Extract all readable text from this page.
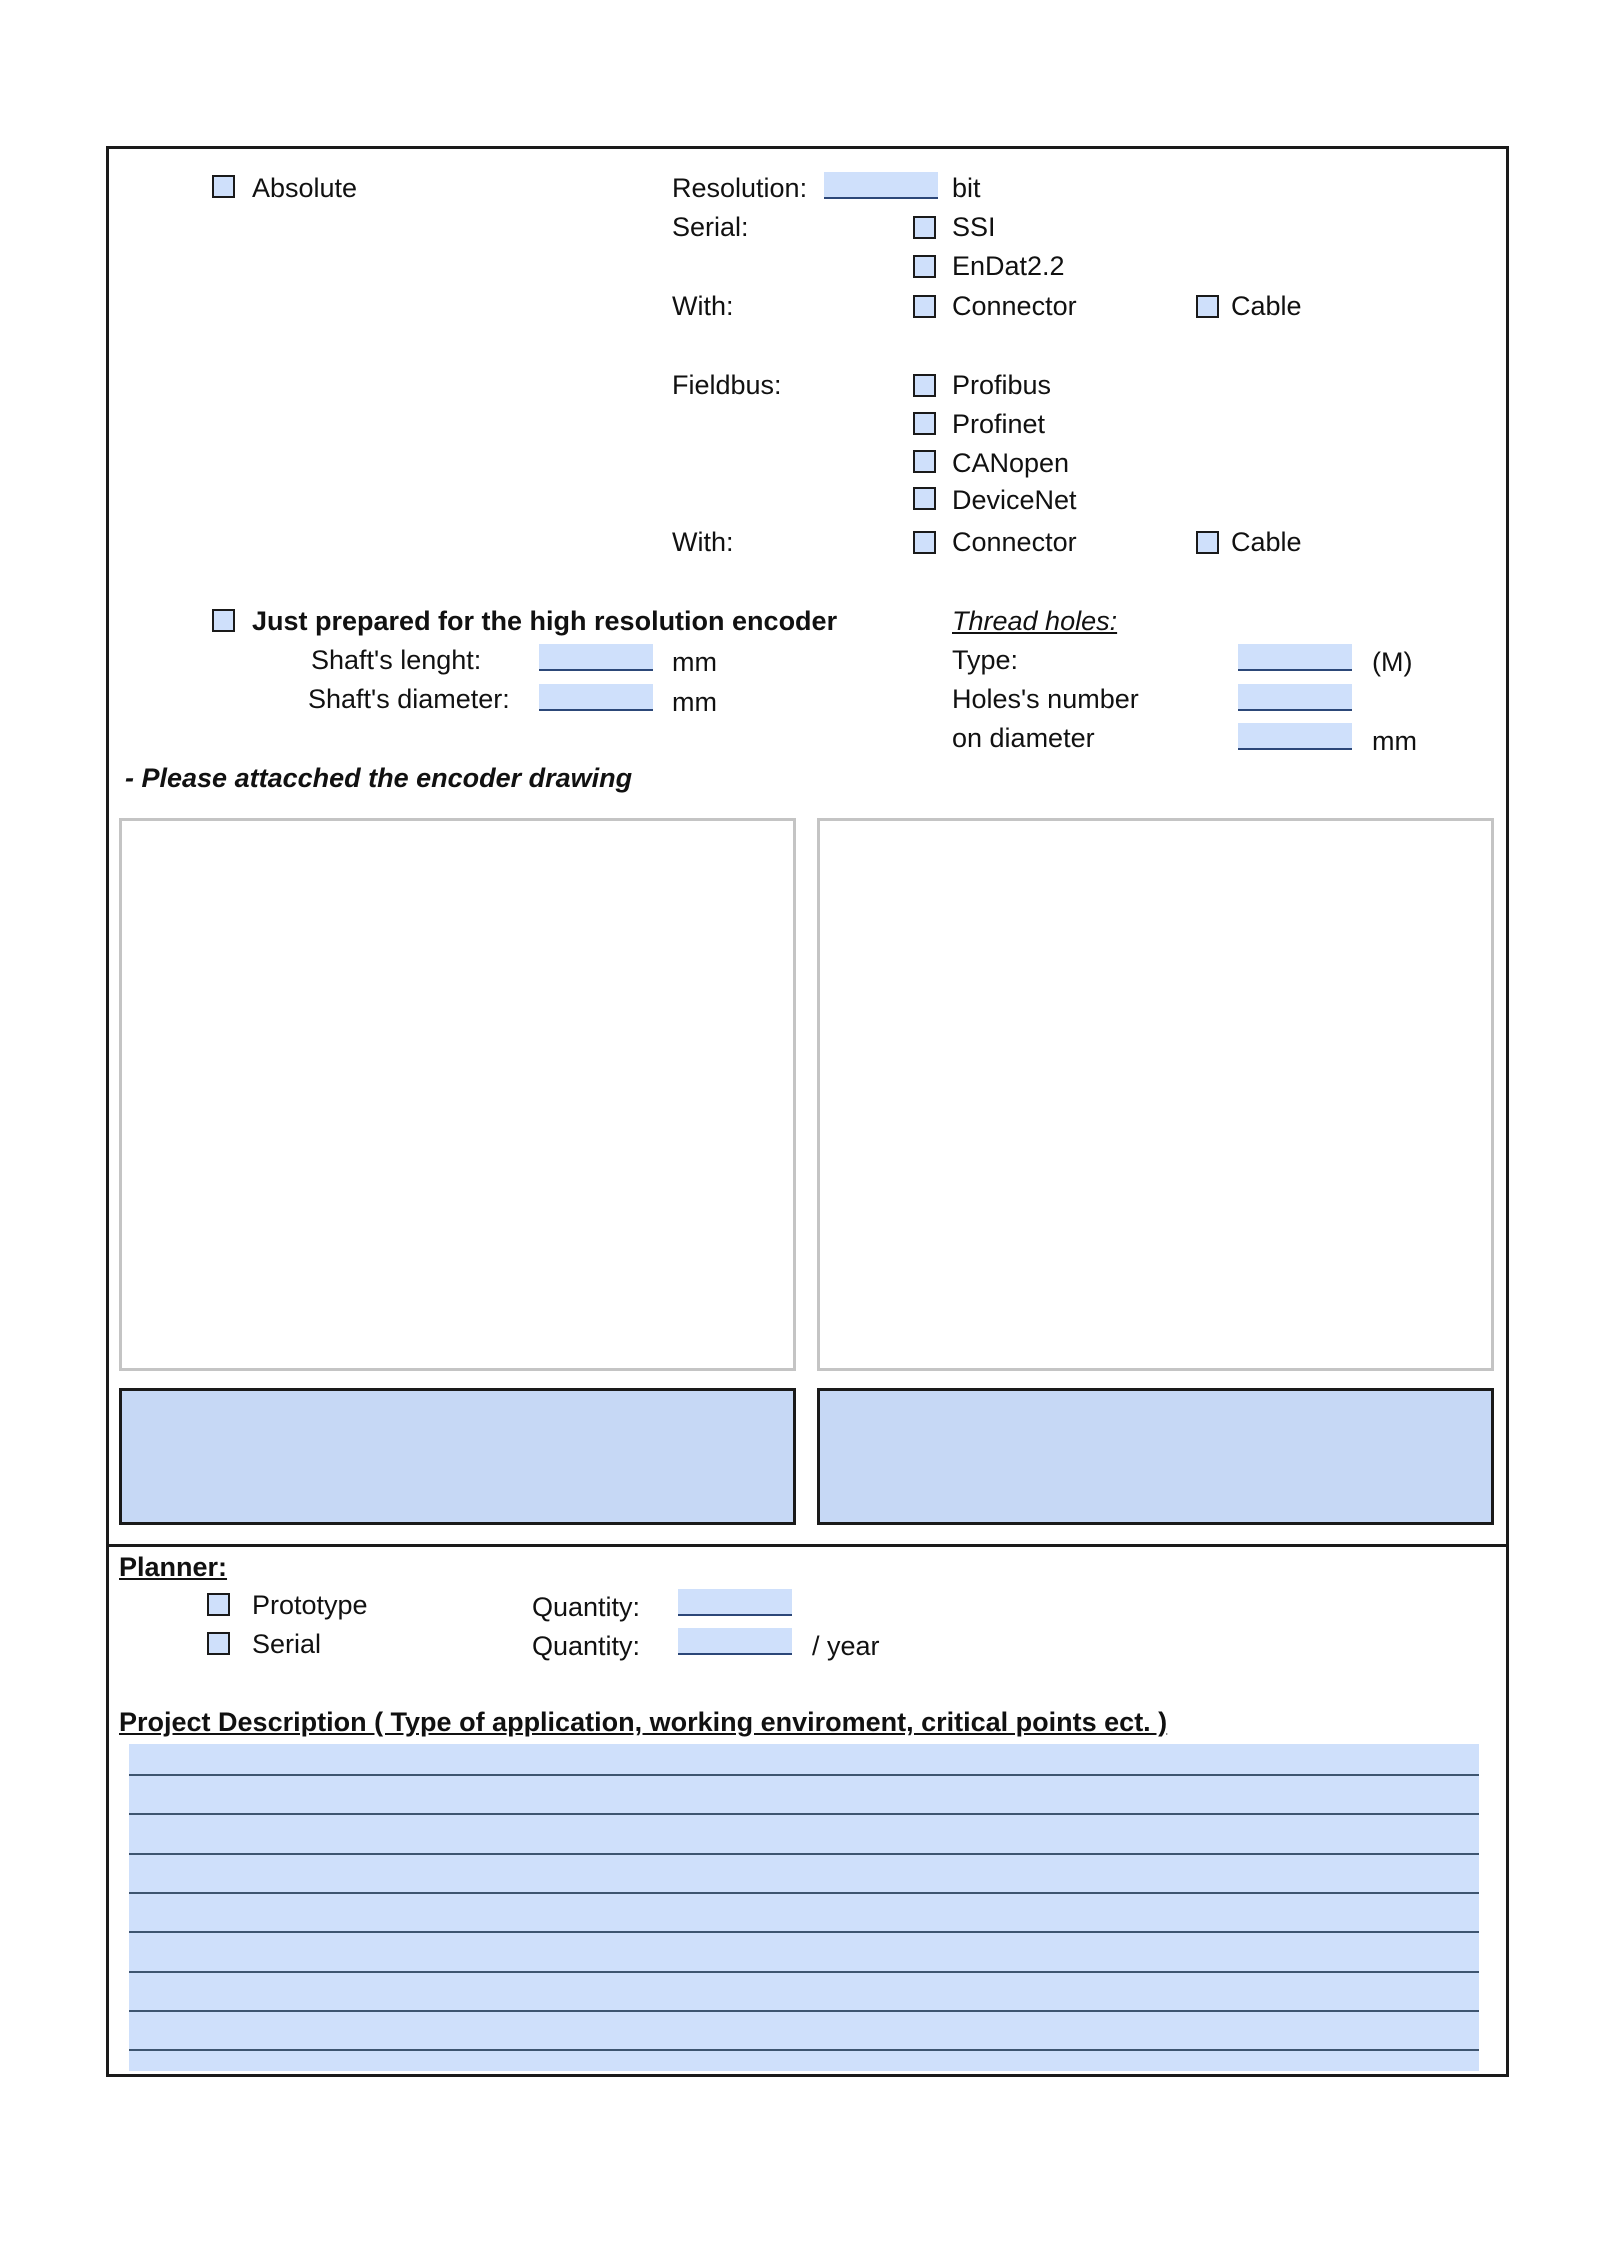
Absolute	Resolution:	bit
Serial:	SSI
EnDat2.2
With:	Connector	Cable
Fieldbus:	Profibus
Profinet
CANopen
DeviceNet
With:	Connector	Cable
Just prepared for the high resolution encoder
Shaft's lenght:	mm
Shaft's diameter:	mm
Thread holes:
Type:	(M)
Holes's number
on diameter	mm
- Please attacched the encoder drawing
Planner:
Prototype	Quantity:
Serial	Quantity:	/ year
Project Description ( Type of application, working enviroment, critical points ect. )
